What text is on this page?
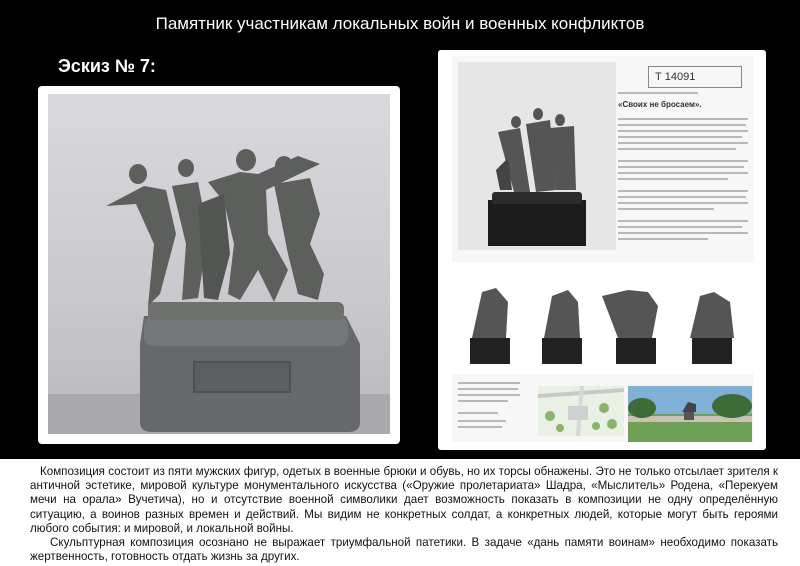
Памятник участникам локальных войн и военных конфликтов
Эскиз № 7:
Т 14091
«Своих не бросаем».

Композиция состоит из пяти мужских фигур, одетых в военные брюки и обувь, но их торсы обнажены. Это не только отсылает зрителя к античной эстетике, мировой культуре монументального искусства («Оружие пролетариата» Шадра, «Мыслитель» Родена, «Перекуем мечи на орала» Вучетича), но и отсутствие военной символики дает возможность показать в композиции не одну определённую ситуацию, а воинов разных времен и действий. Мы видим не конкретных солдат, а конкретных людей, которые могут быть героями любого события: и мировой, и локальной войны.

Скульптурная композиция осознано не выражает триумфальной патетики. В задаче «дань памяти воинам» необходимо показать жертвенность, готовность отдать жизнь за других.
